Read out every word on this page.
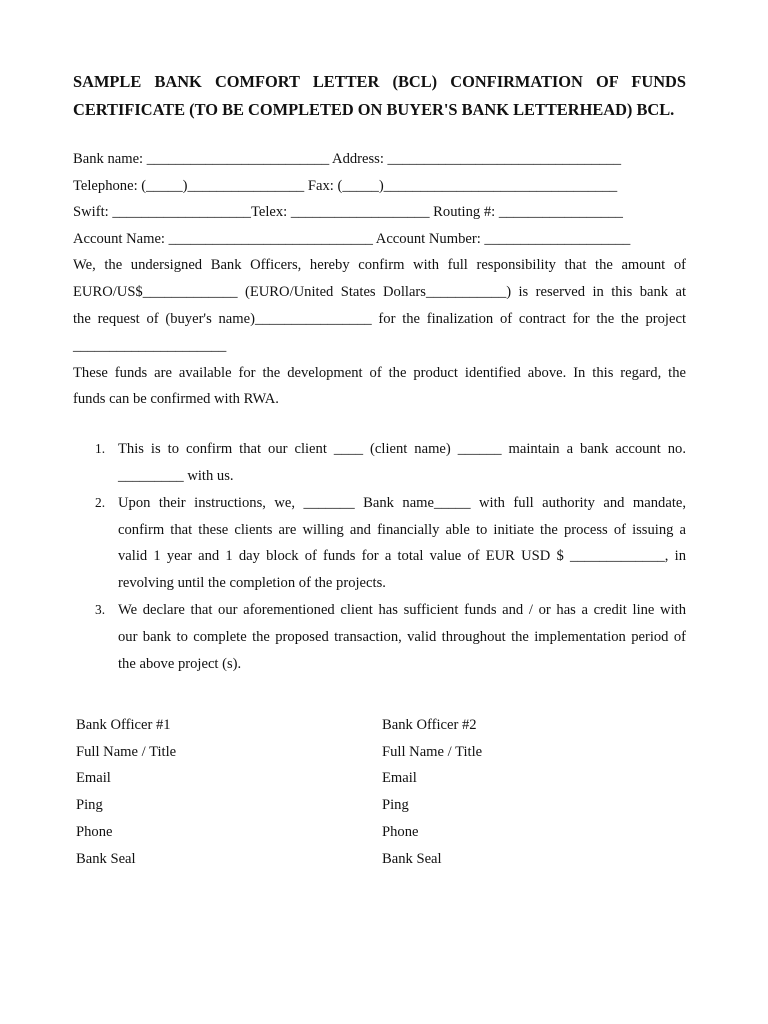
SAMPLE BANK COMFORT LETTER (BCL) CONFIRMATION OF FUNDS
CERTIFICATE (TO BE COMPLETED ON BUYER'S BANK LETTERHEAD) BCL.
Bank name: _________________________ Address: ________________________________
Telephone: (_____)________________ Fax: (_____)________________________________
Swift: ___________________Telex: ___________________ Routing #: _________________
Account Name: ____________________________ Account Number: ____________________

We, the undersigned Bank Officers, hereby confirm with full responsibility that the amount of
EURO/US$_____________ (EURO/United States Dollars___________) is reserved in this bank at
the request of (buyer's name)________________ for the finalization of contract for the the project
_____________________

These funds are available for the development of the product identified above. In this regard, the
funds can be confirmed with RWA.

1. This is to confirm that our client ____ (client name) ______ maintain a bank account no.
_________ with us.
2. Upon their instructions, we, _______ Bank name_____ with full authority and mandate,
confirm that these clients are willing and financially able to initiate the process of issuing a
valid 1 year and 1 day block of funds for a total value of EUR USD $ _____________, in
revolving until the completion of the projects.
3. We declare that our aforementioned client has sufficient funds and / or has a credit line with
our bank to complete the proposed transaction, valid throughout the implementation period of
the above project (s).
Bank Officer #1
Full Name / Title
Email
Ping
Phone
Bank Seal
Bank Officer #2
Full Name / Title
Email
Ping
Phone
Bank Seal
